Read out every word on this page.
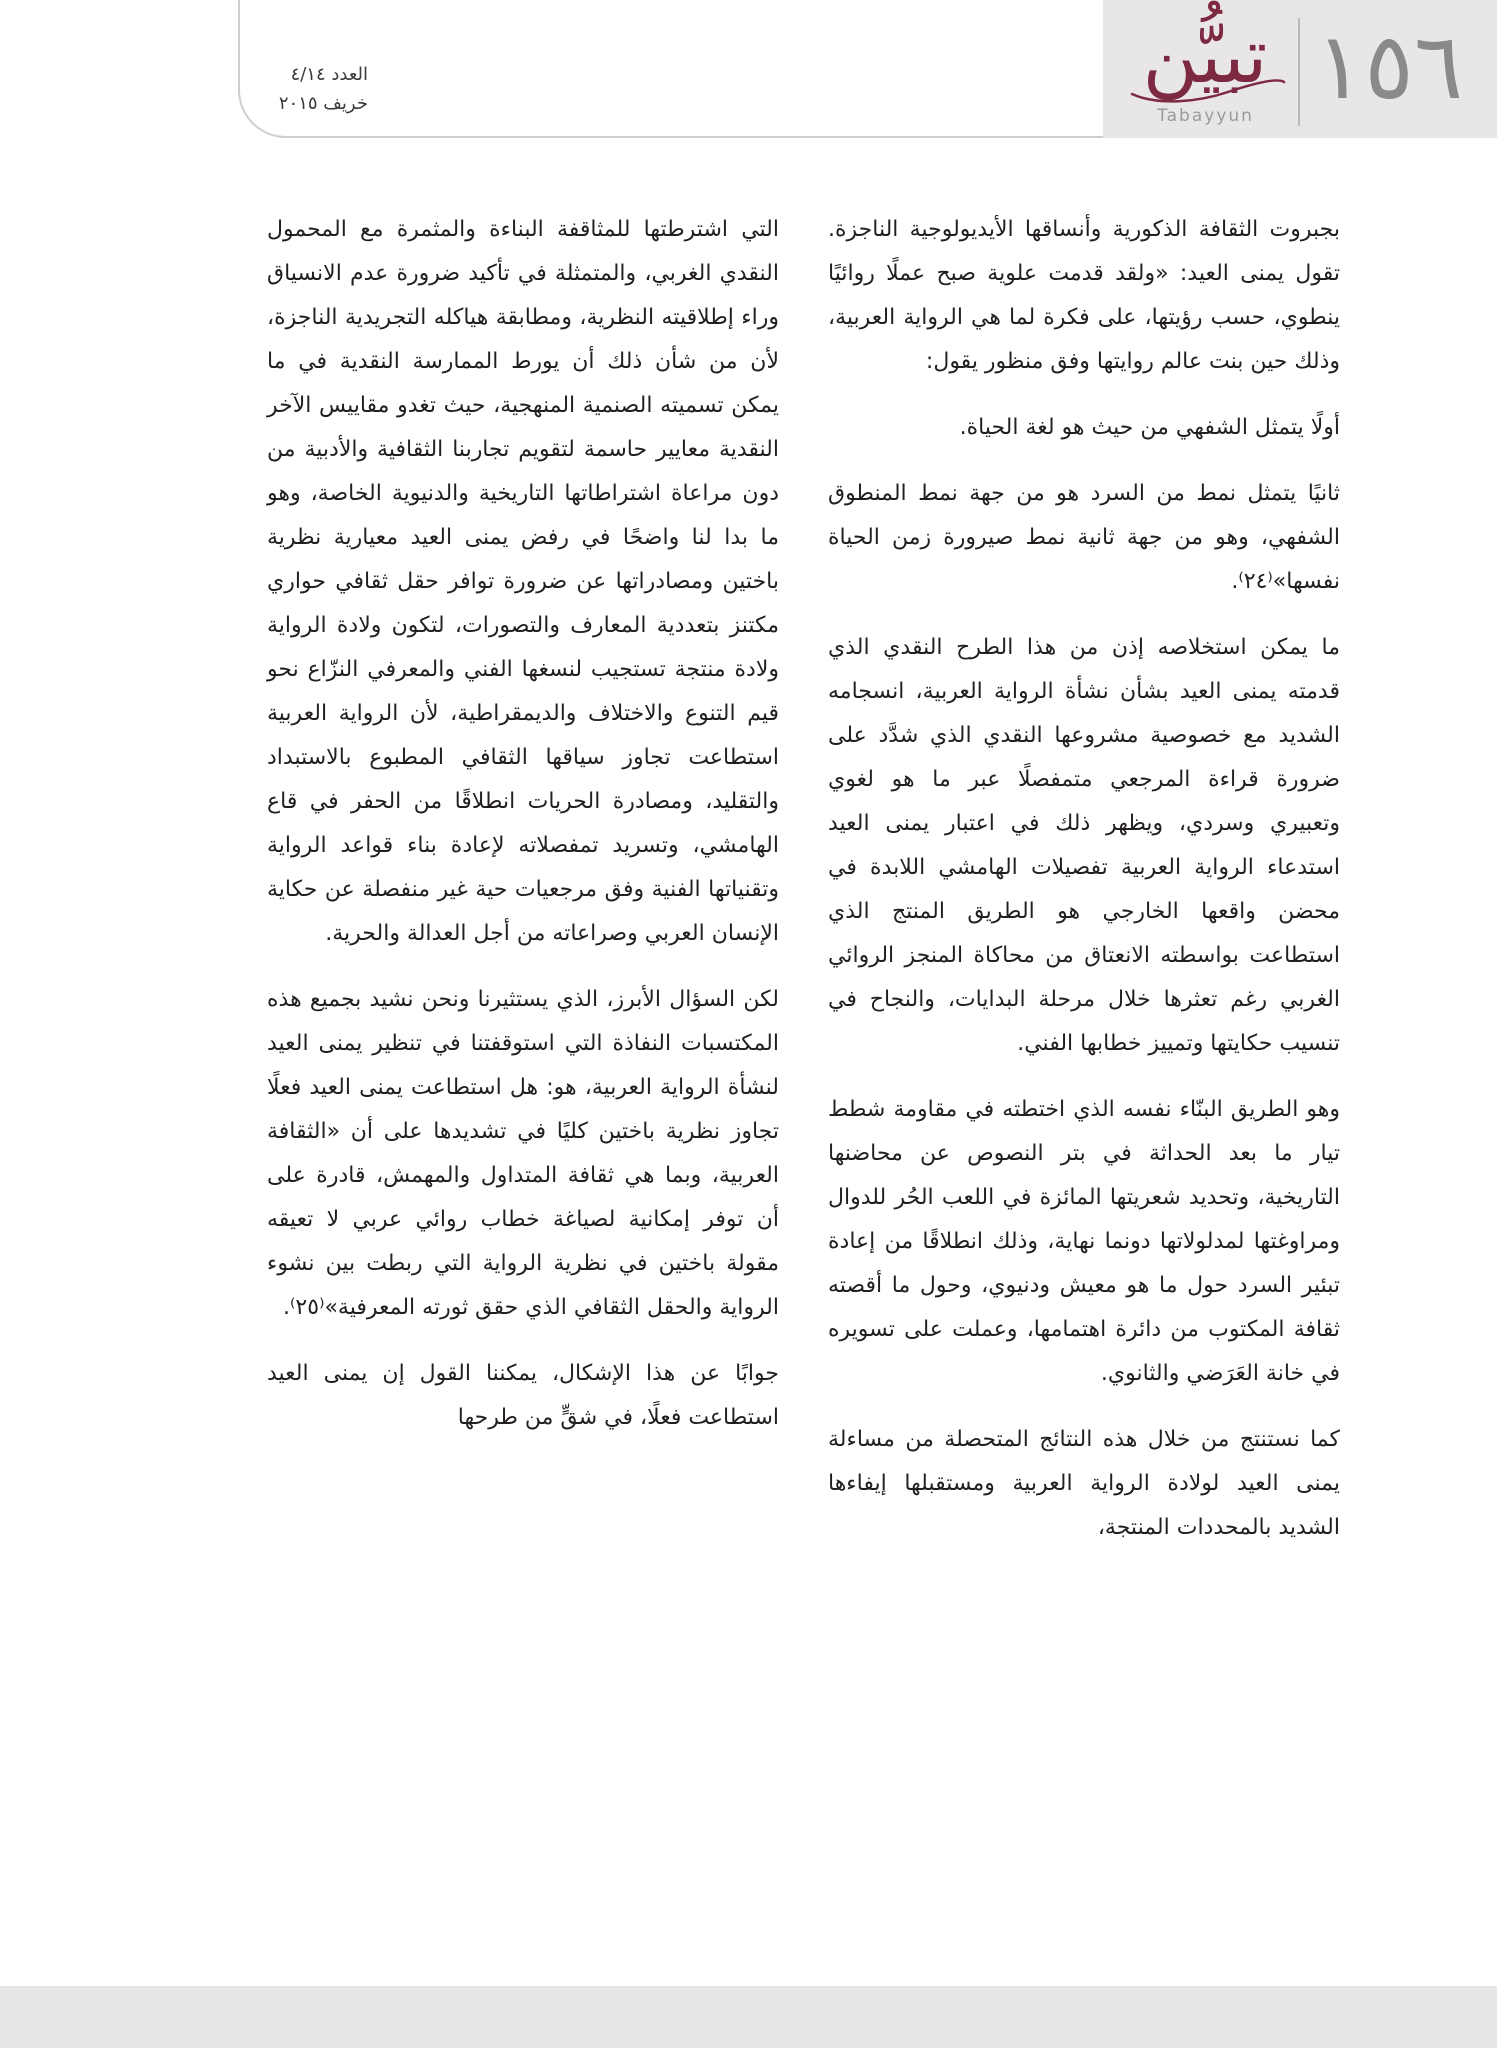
١٥٦
تبيُّن
Tabayyun
العدد ٤/١٤
خريف ٢٠١٥

بجبروت الثقافة الذكورية وأنساقها الأيديولوجية الناجزة. تقول يمنى العيد: «ولقد قدمت علوية صبح عملًا روائيًا ينطوي، حسب رؤيتها، على فكرة لما هي الرواية العربية، وذلك حين بنت عالم روايتها وفق منظور يقول:

أولًا يتمثل الشفهي من حيث هو لغة الحياة.

ثانيًا يتمثل نمط من السرد هو من جهة نمط المنطوق الشفهي، وهو من جهة ثانية نمط صيرورة زمن الحياة نفسها»⁽٢٤⁾.

ما يمكن استخلاصه إذن من هذا الطرح النقدي الذي قدمته يمنى العيد بشأن نشأة الرواية العربية، انسجامه الشديد مع خصوصية مشروعها النقدي الذي شدَّد على ضرورة قراءة المرجعي متمفصلًا عبر ما هو لغوي وتعبيري وسردي، ويظهر ذلك في اعتبار يمنى العيد استدعاء الرواية العربية تفصيلات الهامشي اللابدة في محضن واقعها الخارجي هو الطريق المنتج الذي استطاعت بواسطته الانعتاق من محاكاة المنجز الروائي الغربي رغم تعثرها خلال مرحلة البدايات، والنجاح في تنسيب حكايتها وتمييز خطابها الفني.

وهو الطريق البنّاء نفسه الذي اختطته في مقاومة شطط تيار ما بعد الحداثة في بتر النصوص عن محاضنها التاريخية، وتحديد شعريتها المائزة في اللعب الحُر للدوال ومراوغتها لمدلولاتها دونما نهاية، وذلك انطلاقًا من إعادة تبئير السرد حول ما هو معيش ودنيوي، وحول ما أقصته ثقافة المكتوب من دائرة اهتمامها، وعملت على تسويره في خانة العَرَضي والثانوي.

كما نستنتج من خلال هذه النتائج المتحصلة من مساءلة يمنى العيد لولادة الرواية العربية ومستقبلها إيفاءها الشديد بالمحددات المنتجة،

التي اشترطتها للمثاقفة البناءة والمثمرة مع المحمول النقدي الغربي، والمتمثلة في تأكيد ضرورة عدم الانسياق وراء إطلاقيته النظرية، ومطابقة هياكله التجريدية الناجزة، لأن من شأن ذلك أن يورط الممارسة النقدية في ما يمكن تسميته الصنمية المنهجية، حيث تغدو مقاييس الآخر النقدية معايير حاسمة لتقويم تجاربنا الثقافية والأدبية من دون مراعاة اشتراطاتها التاريخية والدنيوية الخاصة، وهو ما بدا لنا واضحًا في رفض يمنى العيد معيارية نظرية باختين ومصادراتها عن ضرورة توافر حقل ثقافي حواري مكتنز بتعددية المعارف والتصورات، لتكون ولادة الرواية ولادة منتجة تستجيب لنسغها الفني والمعرفي النزّاع نحو قيم التنوع والاختلاف والديمقراطية، لأن الرواية العربية استطاعت تجاوز سياقها الثقافي المطبوع بالاستبداد والتقليد، ومصادرة الحريات انطلاقًا من الحفر في قاع الهامشي، وتسريد تمفصلاته لإعادة بناء قواعد الرواية وتقنياتها الفنية وفق مرجعيات حية غير منفصلة عن حكاية الإنسان العربي وصراعاته من أجل العدالة والحرية.

لكن السؤال الأبرز، الذي يستثيرنا ونحن نشيد بجميع هذه المكتسبات النفاذة التي استوقفتنا في تنظير يمنى العيد لنشأة الرواية العربية، هو: هل استطاعت يمنى العيد فعلًا تجاوز نظرية باختين كليًا في تشديدها على أن «الثقافة العربية، وبما هي ثقافة المتداول والمهمش، قادرة على أن توفر إمكانية لصياغة خطاب روائي عربي لا تعيقه مقولة باختين في نظرية الرواية التي ربطت بين نشوء الرواية والحقل الثقافي الذي حقق ثورته المعرفية»⁽٢٥⁾.

جوابًا عن هذا الإشكال، يمكننا القول إن يمنى العيد استطاعت فعلًا، في شقٍّ من طرحها
